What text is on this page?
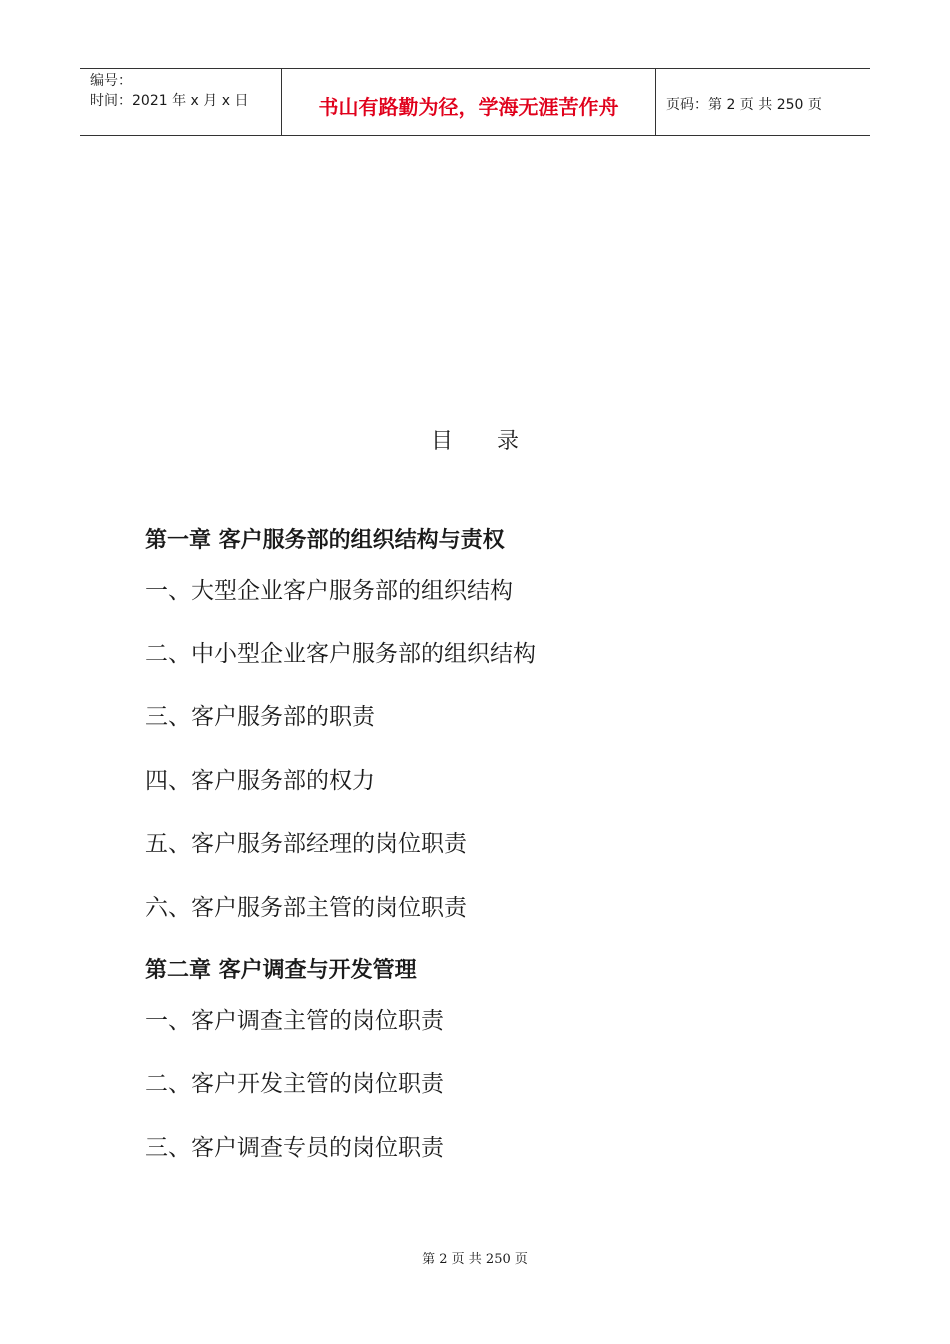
编号：
时间：2021 年 x 月 x 日	书山有路勤为径，学海无涯苦作舟	页码：第 2 页 共 250 页
目 录
第一章 客户服务部的组织结构与责权
一、大型企业客户服务部的组织结构
二、中小型企业客户服务部的组织结构
三、客户服务部的职责
四、客户服务部的权力
五、客户服务部经理的岗位职责
六、客户服务部主管的岗位职责
第二章 客户调查与开发管理
一、客户调查主管的岗位职责
二、客户开发主管的岗位职责
三、客户调查专员的岗位职责
第 2 页 共 250 页
